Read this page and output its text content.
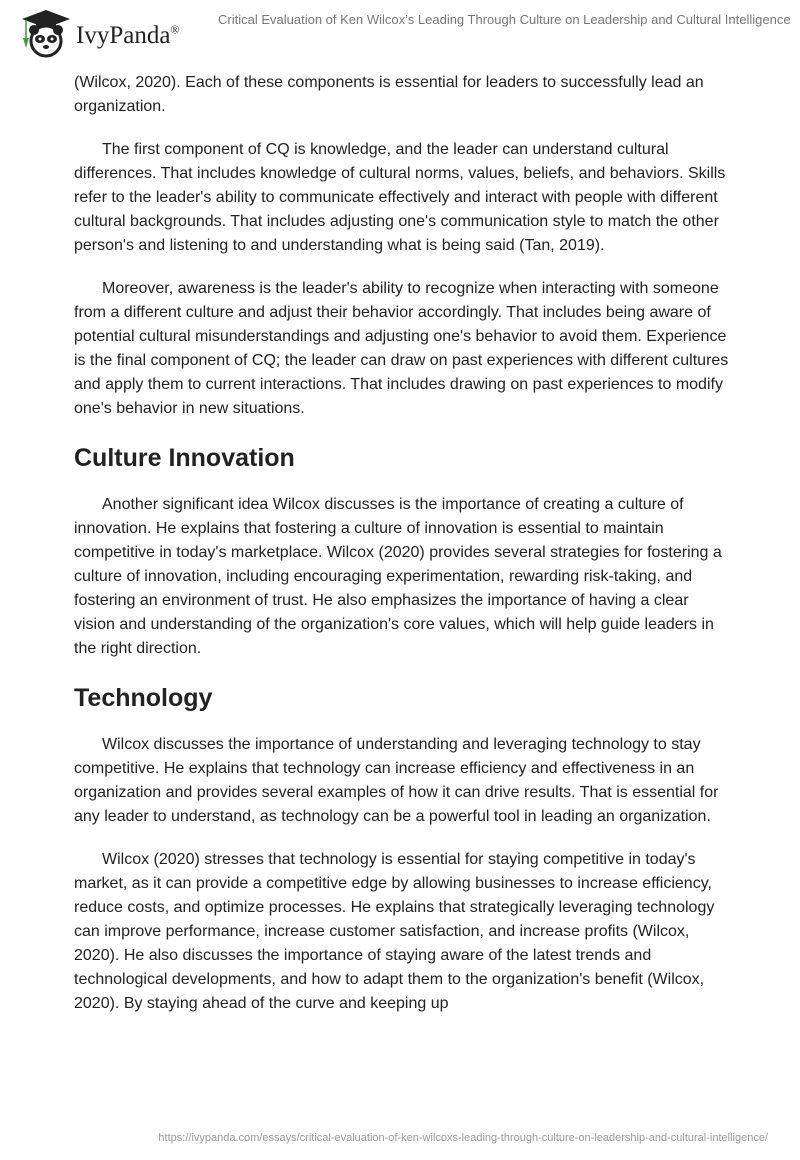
IvyPanda®
Critical Evaluation of Ken Wilcox’s Leading Through Culture on Leadership and Cultural Intelligence

(Wilcox, 2020). Each of these components is essential for leaders to successfully lead an organization.

The first component of CQ is knowledge, and the leader can understand cultural differences. That includes knowledge of cultural norms, values, beliefs, and behaviors. Skills refer to the leader's ability to communicate effectively and interact with people with different cultural backgrounds. That includes adjusting one's communication style to match the other person's and listening to and understanding what is being said (Tan, 2019).

Moreover, awareness is the leader's ability to recognize when interacting with someone from a different culture and adjust their behavior accordingly. That includes being aware of potential cultural misunderstandings and adjusting one's behavior to avoid them. Experience is the final component of CQ; the leader can draw on past experiences with different cultures and apply them to current interactions. That includes drawing on past experiences to modify one's behavior in new situations.

Culture Innovation

Another significant idea Wilcox discusses is the importance of creating a culture of innovation. He explains that fostering a culture of innovation is essential to maintain competitive in today's marketplace. Wilcox (2020) provides several strategies for fostering a culture of innovation, including encouraging experimentation, rewarding risk-taking, and fostering an environment of trust. He also emphasizes the importance of having a clear vision and understanding of the organization's core values, which will help guide leaders in the right direction.

Technology

Wilcox discusses the importance of understanding and leveraging technology to stay competitive. He explains that technology can increase efficiency and effectiveness in an organization and provides several examples of how it can drive results. That is essential for any leader to understand, as technology can be a powerful tool in leading an organization.

Wilcox (2020) stresses that technology is essential for staying competitive in today's market, as it can provide a competitive edge by allowing businesses to increase efficiency, reduce costs, and optimize processes. He explains that strategically leveraging technology can improve performance, increase customer satisfaction, and increase profits (Wilcox, 2020). He also discusses the importance of staying aware of the latest trends and technological developments, and how to adapt them to the organization's benefit (Wilcox, 2020). By staying ahead of the curve and keeping up

https://ivypanda.com/essays/critical-evaluation-of-ken-wilcoxs-leading-through-culture-on-leadership-and-cultural-intelligence/
